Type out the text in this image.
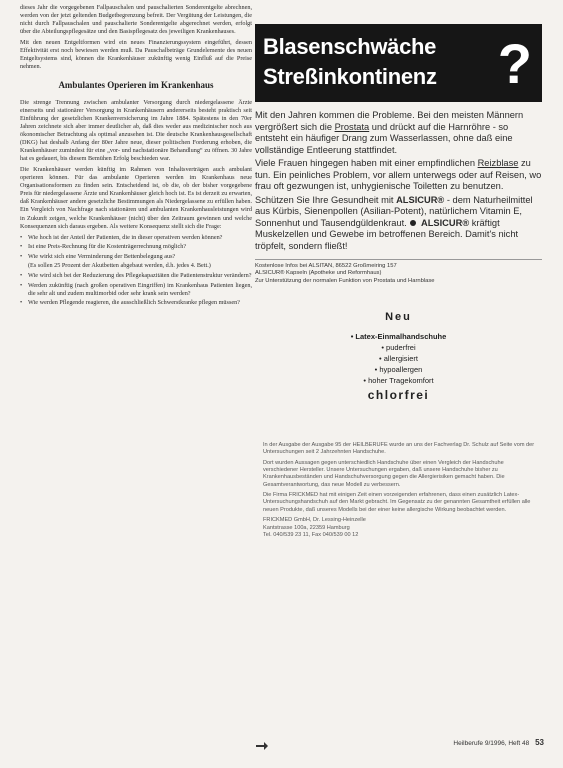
dieses Jahr die vorgegebenen Fallpauschalen und pauschalierten Sonderentgelte abrechnen, werden von der jetzt geltenden Budgetbegrenzung befreit. Der Vergütung der Leistungen, die nicht durch Fallpauschalen und pauschalierte Sonderentgelte abgerechnet werden, erfolgt über die Abteilungspflegesätze und den Basispflegesatz des jeweiligen Krankenhauses.

Mit den neuen Entgeltformen wird ein neues Finanzierungssystem eingeführt, dessen Effektivität erst noch bewiesen werden muß. Da Pauschalbeträge Grundelemente des neuen Entgeltsystems sind, können die Krankenhäuser zukünftig wenig Einfluß auf die Preise nehmen.

Ambulantes Operieren im Krankenhaus

Die strenge Trennung zwischen ambulanter Versorgung durch niedergelassene Ärzte einerseits und stationärer Versorgung in Krankenhäusern andererseits besteht praktisch seit Einführung der gesetzlichen Krankenversicherung im Jahre 1884. Spätestens in den 70er Jahren zeichnete sich aber immer deutlicher ab, daß dies weder aus medizinischer noch aus ökonomischer Betrachtung als optimal anzusehen ist. Die deutsche Krankenhausgesellschaft (DKG) hat deshalb Anfang der 80er Jahre neue, dieser politischen Forderung erhoben, die Krankenhäuser zumindest für eine „vor- und nachstationäre Behandlung“ zu öffnen. 30 Jahre hat es gedauert, bis diesem Bemühen Erfolg beschieden war.

Die Krankenhäuser werden künftig im Rahmen von Inhaltsverträgen auch ambulant operieren können. Für das ambulante Operieren werden im Krankenhaus neue Organisationsformen zu finden sein. Entscheidend ist, ob die, ob der bisher vorgegebene Preis für niedergelassene Ärzte und Krankenhäuser gleich hoch ist. Es ist derzeit zu erwarten, daß Krankenhäuser andere gesetzliche Bestimmungen als Niedergelassene zu erfüllen haben. Ein Vergleich von Nachfrage nach stationären und ambulanten Krankenhausleistungen wird in Zukunft zeigen, welche Krankenhäuser (nicht) über den Zeitraum gewinnen und welche Konsequenzen sich daraus ergeben. Als weitere Konsequenz stellt sich die Frage:

• Wie hoch ist der Anteil der Patienten, die in dieser operativen werden können?
• Ist eine Preis-Rechnung für die Kostenträgerrechnung möglich?
• Wie wirkt sich eine Verminderung der Bettenbelegung aus?

(Es sollen 25 Prozent der Akutbetten abgebaut werden, d.h. jedes 4. Bett.)

• Wie wird sich bei der Reduzierung des Pflegekapazitäten die Patientenstruktur verändern?
• Werden zukünftig (nach großen operativen Eingriffen) im Krankenhaus Patienten liegen, die sehr alt und zudem multimorbid oder sehr krank sein werden?
• Wie werden Pflegende reagieren, die ausschließlich Schwerstkranke pflegen müssen?
Blasenschwäche
Streßinkontinenz ?

Mit den Jahren kommen die Probleme. Bei den meisten Männern vergrößert sich die Prostata und drückt auf die Harnröhre - so entsteht ein häufiger Drang zum Wasserlassen, ohne daß eine vollständige Entleerung stattfindet.

Viele Frauen hingegen haben mit einer empfindlichen Reizblase zu tun. Ein peinliches Problem, vor allem unterwegs oder auf Reisen, wo frau oft gezwungen ist, unhygienische Toiletten zu benutzen.

Schützen Sie Ihre Gesundheit mit ALSICUR® - dem Naturheilmittel aus Kürbis, Sienenpollen (Asilian-Potent), natürlichem Vitamin E, Sonnenhut und Tausendgüldenkraut. ALSICUR® kräftigt Muskelzellen und Gewebe im betroffenen Bereich. Damit's nicht tröpfelt, sondern fließt!

Kostenlose Infos bei ALSITAN, 86522 Großmeiring 157
ALSICUR® Kapseln (Apotheke und Reformhaus)
Zur Unterstützung der normalen Funktion von Prostata und Harnblase
Neu
• Latex-Einmalhandschuhe
• puderfrei
• allergisiert
• hypoallergen
• hoher Tragekomfort
chlorfrei

In der Ausgabe der Ausgabe 95 der HEILBERUFE wurde an uns der Fachverlag Dr. Schulz auf Seite vom der Untersuchungen seit 2 Jahrzehnten Handschuhe.

Dort wurden Aussagen gegen unterschiedlich Handschuhe über einen Vergleich der Handschuhe verschiedener Hersteller. Unsere Untersuchungen ergaben, daß unsere Handschuhe bisher zu Krankenhausbeständen und Handschuhversorgung gegen die Allergierisiken gemacht haben. Die Gesamtverantwortung, das neue Modell zu verbessern.

Die Firma FRICKMED hat mit einigen Zeit einen vorzeigenden erfahrenen, dass einen zusätzlich Latex-Untersuchungshandschuh auf den Markt gebracht. Im Gegensatz zu der genannten Gesamtheit erfüllen alle neuen Produkte, daß unseres Modells bei der einer keine allergische Wirkung beobachtet werden.

FRICKMED GmbH, Dr. Lessing-Heinzelle
Kantstrasse 100a, 22359 Hamburg
Tel. 040/539 23 11, Fax 040/539 00 12
Heilberufe 9/1996, Heft 48 53
